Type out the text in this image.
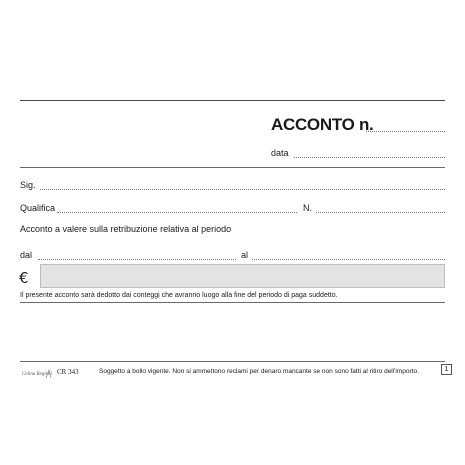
ACCONTO n.
data
Sig.
Qualifica	N.
Acconto a valere sulla retribuzione relativa al periodo
dal	al
€
Il presente acconto sarà dedotto dai conteggi che avranno luogo alla fine del periodo di paga suddetto.
Celina Registri CR 343	Soggetto a bollo vigente. Non si ammettono reclami per denaro mancante se non sono fatti al ritiro dell'importo.	1
